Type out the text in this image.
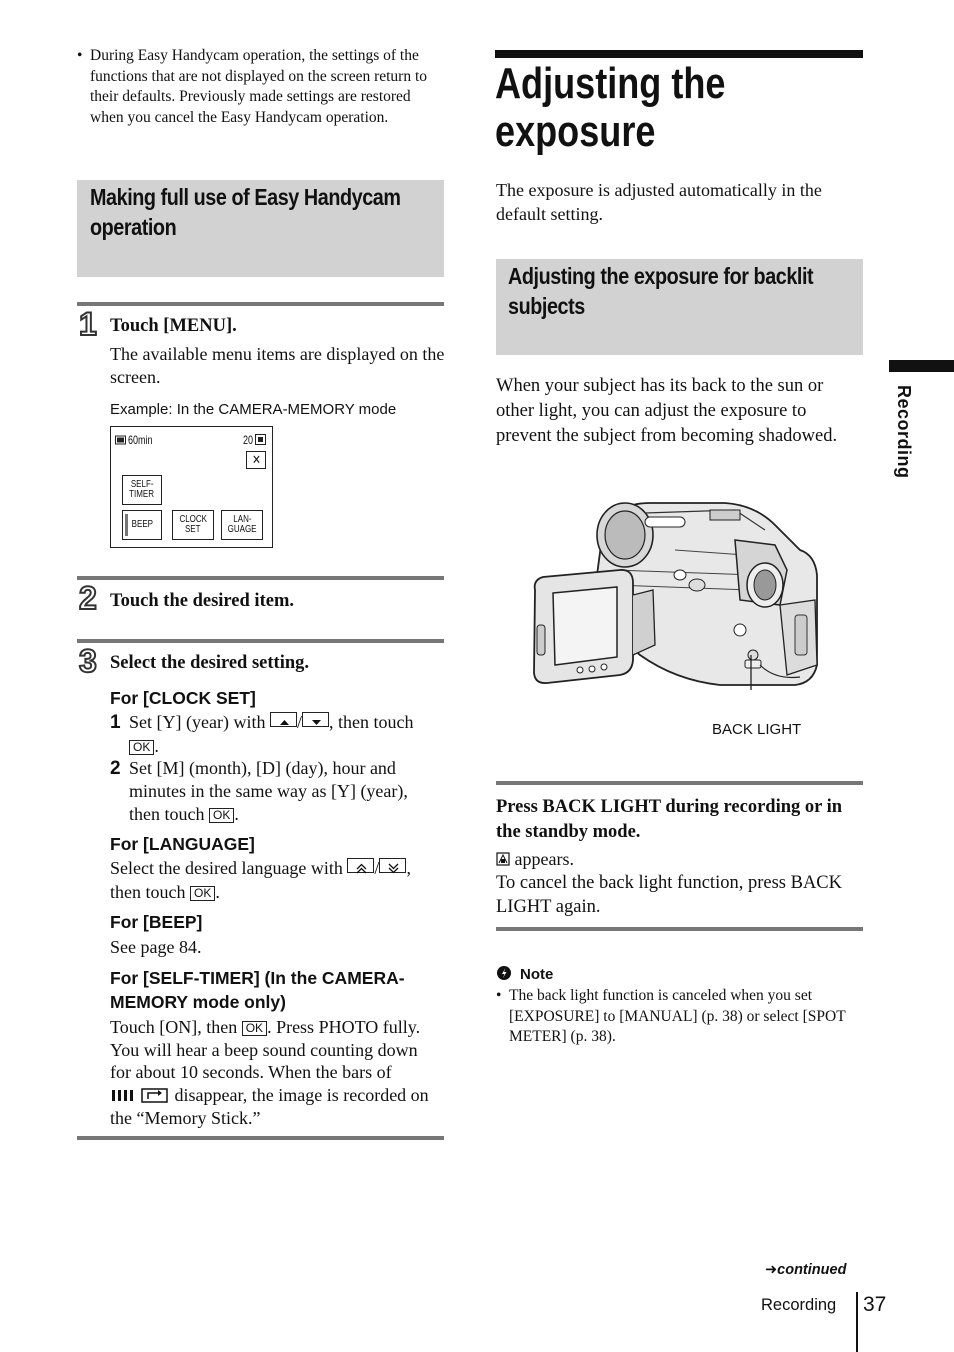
• During Easy Handycam operation, the settings of the functions that are not displayed on the screen return to their defaults. Previously made settings are restored when you cancel the Easy Handycam operation.
Making full use of Easy Handycam
operation
1 Touch [MENU].
The available menu items are displayed on the screen.
Example: In the CAMERA-MEMORY mode
60min	20
✕
SELF-
TIMER
BEEP	CLOCK
SET
LAN-
GUAGE
2 Touch the desired item.
3 Select the desired setting.
For [CLOCK SET]
1 Set [Y] (year) with / , then touch
OK .
2 Set [M] (month), [D] (day), hour and
minutes in the same way as [Y] (year),
then touch OK .
For [LANGUAGE]
Select the desired language with / ,
then touch OK .
For [BEEP]
See page 84.
For [SELF-TIMER] (In the CAMERA-
MEMORY mode only)
Touch [ON], then OK . Press PHOTO fully.
You will hear a beep sound counting down
for about 10 seconds. When the bars of
disappear, the image is recorded on
the “Memory Stick.”
Adjusting the
exposure
The exposure is adjusted automatically in the default setting.
Adjusting the exposure for backlit
subjects
When your subject has its back to the sun or other light, you can adjust the exposure to prevent the subject from becoming shadowed.
BACK LIGHT
Press BACK LIGHT during recording or in the standby mode.
appears.
To cancel the back light function, press BACK LIGHT again.
Note
• The back light function is canceled when you set [EXPOSURE] to [MANUAL] (p. 38) or select [SPOT METER] (p. 38).
Recording
➜continued
Recording 37
